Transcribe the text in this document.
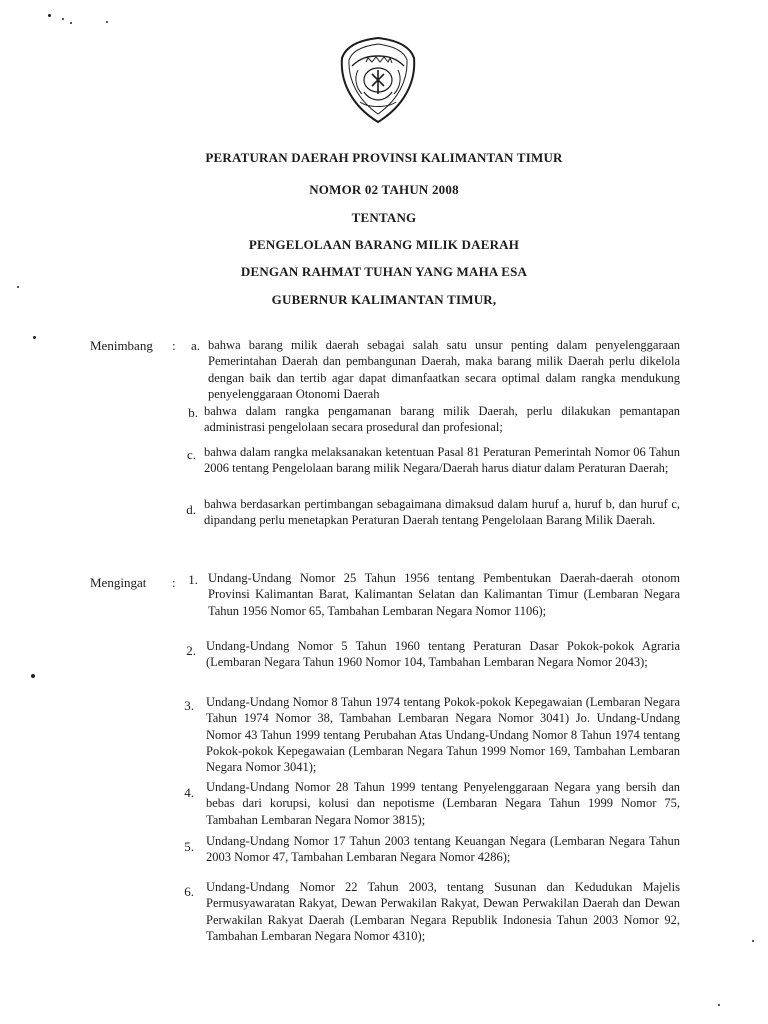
PERATURAN DAERAH PROVINSI KALIMANTAN TIMUR
NOMOR 02 TAHUN 2008
TENTANG
PENGELOLAAN BARANG MILIK DAERAH
DENGAN RAHMAT TUHAN YANG MAHA ESA
GUBERNUR KALIMANTAN TIMUR,
Menimbang :	a. bahwa barang milik daerah sebagai salah satu unsur penting dalam penyelenggaraan Pemerintahan Daerah dan pembangunan Daerah, maka barang milik Daerah perlu dikelola dengan baik dan tertib agar dapat dimanfaatkan secara optimal dalam rangka mendukung penyelenggaraan Otonomi Daerah
b. bahwa dalam rangka pengamanan barang milik Daerah, perlu dilakukan pemantapan administrasi pengelolaan secara prosedural dan profesional;
c. bahwa dalam rangka melaksanakan ketentuan Pasal 81 Peraturan Pemerintah Nomor 06 Tahun 2006 tentang Pengelolaan barang milik Negara/Daerah harus diatur dalam Peraturan Daerah;
d. bahwa berdasarkan pertimbangan sebagaimana dimaksud dalam huruf a, huruf b, dan huruf c, dipandang perlu menetapkan Peraturan Daerah tentang Pengelolaan Barang Milik Daerah.
Mengingat : 1. Undang-Undang Nomor 25 Tahun 1956 tentang Pembentukan Daerah-daerah otonom Provinsi Kalimantan Barat, Kalimantan Selatan dan Kalimantan Timur (Lembaran Negara Tahun 1956 Nomor 65, Tambahan Lembaran Negara Nomor 1106);
2. Undang-Undang Nomor 5 Tahun 1960 tentang Peraturan Dasar Pokok-pokok Agraria (Lembaran Negara Tahun 1960 Nomor 104, Tambahan Lembaran Negara Nomor 2043);
3. Undang-Undang Nomor 8 Tahun 1974 tentang Pokok-pokok Kepegawaian (Lembaran Negara Tahun 1974 Nomor 38, Tambahan Lembaran Negara Nomor 3041) Jo. Undang-Undang Nomor 43 Tahun 1999 tentang Perubahan Atas Undang-Undang Nomor 8 Tahun 1974 tentang Pokok-pokok Kepegawaian (Lembaran Negara Tahun 1999 Nomor 169, Tambahan Lembaran Negara Nomor 3041);
4. Undang-Undang Nomor 28 Tahun 1999 tentang Penyelenggaraan Negara yang bersih dan bebas dari korupsi, kolusi dan nepotisme (Lembaran Negara Tahun 1999 Nomor 75, Tambahan Lembaran Negara Nomor 3815);
5. Undang-Undang Nomor 17 Tahun 2003 tentang Keuangan Negara (Lembaran Negara Tahun 2003 Nomor 47, Tambahan Lembaran Negara Nomor 4286);
6. Undang-Undang Nomor 22 Tahun 2003, tentang Susunan dan Kedudukan Majelis Permusyawaratan Rakyat, Dewan Perwakilan Rakyat, Dewan Perwakilan Daerah dan Dewan Perwakilan Rakyat Daerah (Lembaran Negara Republik Indonesia Tahun 2003 Nomor 92, Tambahan Lembaran Negara Nomor 4310);
